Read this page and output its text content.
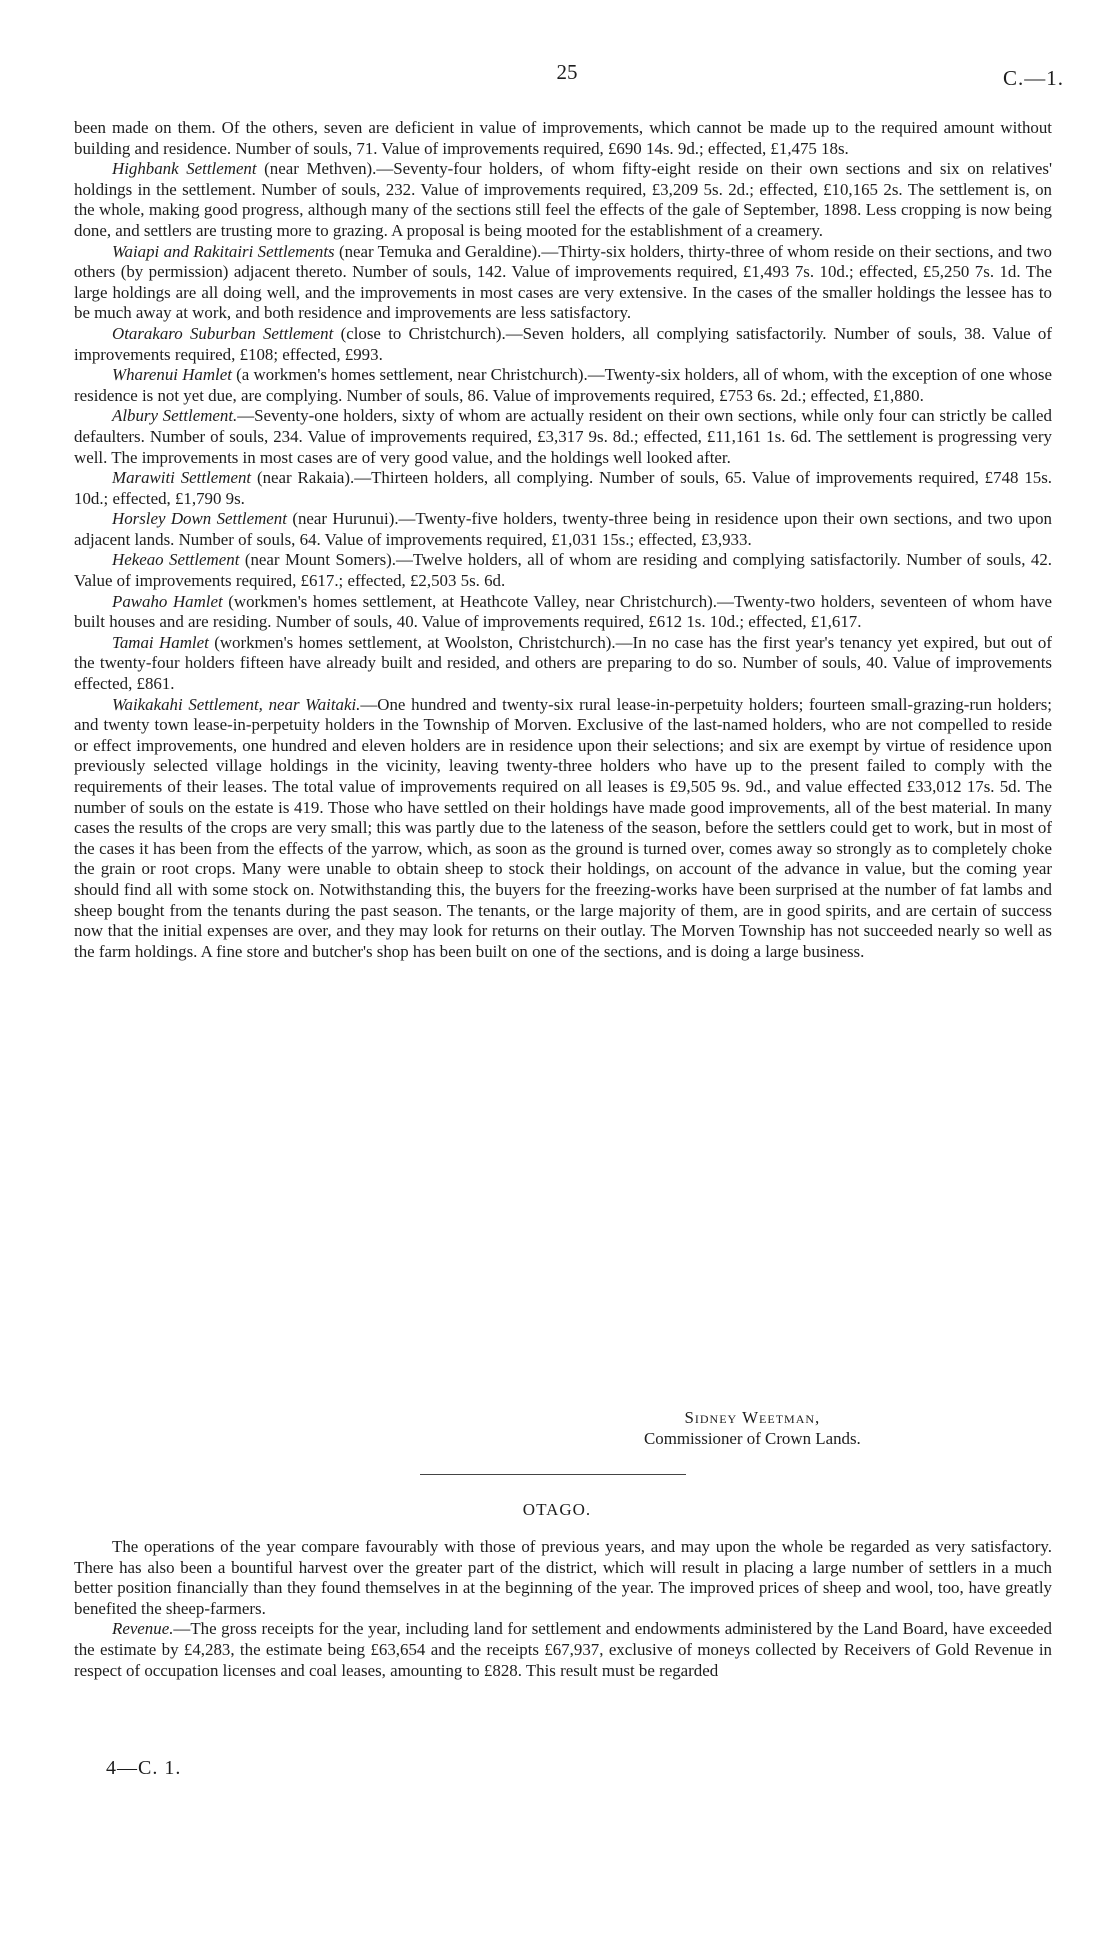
25	C.—1.

been made on them. Of the others, seven are deficient in value of improvements, which cannot be made up to the required amount without building and residence. Number of souls, 71. Value of improvements required, £690 14s. 9d.; effected, £1,475 18s.

Highbank Settlement (near Methven).—Seventy-four holders, of whom fifty-eight reside on their own sections and six on relatives' holdings in the settlement. Number of souls, 232. Value of improvements required, £3,209 5s. 2d.; effected, £10,165 2s. The settlement is, on the whole, making good progress, although many of the sections still feel the effects of the gale of September, 1898. Less cropping is now being done, and settlers are trusting more to grazing. A proposal is being mooted for the establishment of a creamery.

Waiapi and Rakitairi Settlements (near Temuka and Geraldine).—Thirty-six holders, thirty-three of whom reside on their sections, and two others (by permission) adjacent thereto. Number of souls, 142. Value of improvements required, £1,493 7s. 10d.; effected, £5,250 7s. 1d. The large holdings are all doing well, and the improvements in most cases are very extensive. In the cases of the smaller holdings the lessee has to be much away at work, and both residence and improvements are less satisfactory.

Otarakaro Suburban Settlement (close to Christchurch).—Seven holders, all complying satisfactorily. Number of souls, 38. Value of improvements required, £108; effected, £993.

Wharenui Hamlet (a workmen's homes settlement, near Christchurch).—Twenty-six holders, all of whom, with the exception of one whose residence is not yet due, are complying. Number of souls, 86. Value of improvements required, £753 6s. 2d.; effected, £1,880.

Albury Settlement.—Seventy-one holders, sixty of whom are actually resident on their own sections, while only four can strictly be called defaulters. Number of souls, 234. Value of improvements required, £3,317 9s. 8d.; effected, £11,161 1s. 6d. The settlement is progressing very well. The improvements in most cases are of very good value, and the holdings well looked after.

Marawiti Settlement (near Rakaia).—Thirteen holders, all complying. Number of souls, 65. Value of improvements required, £748 15s. 10d.; effected, £1,790 9s.

Horsley Down Settlement (near Hurunui).—Twenty-five holders, twenty-three being in residence upon their own sections, and two upon adjacent lands. Number of souls, 64. Value of improvements required, £1,031 15s.; effected, £3,933.

Hekeao Settlement (near Mount Somers).—Twelve holders, all of whom are residing and complying satisfactorily. Number of souls, 42. Value of improvements required, £617.; effected, £2,503 5s. 6d.

Pawaho Hamlet (workmen's homes settlement, at Heathcote Valley, near Christchurch).—Twenty-two holders, seventeen of whom have built houses and are residing. Number of souls, 40. Value of improvements required, £612 1s. 10d.; effected, £1,617.

Tamai Hamlet (workmen's homes settlement, at Woolston, Christchurch).—In no case has the first year's tenancy yet expired, but out of the twenty-four holders fifteen have already built and resided, and others are preparing to do so. Number of souls, 40. Value of improvements effected, £861.

Waikakahi Settlement, near Waitaki.—One hundred and twenty-six rural lease-in-perpetuity holders; fourteen small-grazing-run holders; and twenty town lease-in-perpetuity holders in the Township of Morven. Exclusive of the last-named holders, who are not compelled to reside or effect improvements, one hundred and eleven holders are in residence upon their selections; and six are exempt by virtue of residence upon previously selected village holdings in the vicinity, leaving twenty-three holders who have up to the present failed to comply with the requirements of their leases. The total value of improvements required on all leases is £9,505 9s. 9d., and value effected £33,012 17s. 5d. The number of souls on the estate is 419. Those who have settled on their holdings have made good improvements, all of the best material. In many cases the results of the crops are very small; this was partly due to the lateness of the season, before the settlers could get to work, but in most of the cases it has been from the effects of the yarrow, which, as soon as the ground is turned over, comes away so strongly as to completely choke the grain or root crops. Many were unable to obtain sheep to stock their holdings, on account of the advance in value, but the coming year should find all with some stock on. Notwithstanding this, the buyers for the freezing-works have been surprised at the number of fat lambs and sheep bought from the tenants during the past season. The tenants, or the large majority of them, are in good spirits, and are certain of success now that the initial expenses are over, and they may look for returns on their outlay. The Morven Township has not succeeded nearly so well as the farm holdings. A fine store and butcher's shop has been built on one of the sections, and is doing a large business.

Sidney Weetman,
Commissioner of Crown Lands.
OTAGO.

The operations of the year compare favourably with those of previous years, and may upon the whole be regarded as very satisfactory. There has also been a bountiful harvest over the greater part of the district, which will result in placing a large number of settlers in a much better position financially than they found themselves in at the beginning of the year. The improved prices of sheep and wool, too, have greatly benefited the sheep-farmers.

Revenue.—The gross receipts for the year, including land for settlement and endowments administered by the Land Board, have exceeded the estimate by £4,283, the estimate being £63,654 and the receipts £67,937, exclusive of moneys collected by Receivers of Gold Revenue in respect of occupation licenses and coal leases, amounting to £828. This result must be regarded

4—C. 1.
